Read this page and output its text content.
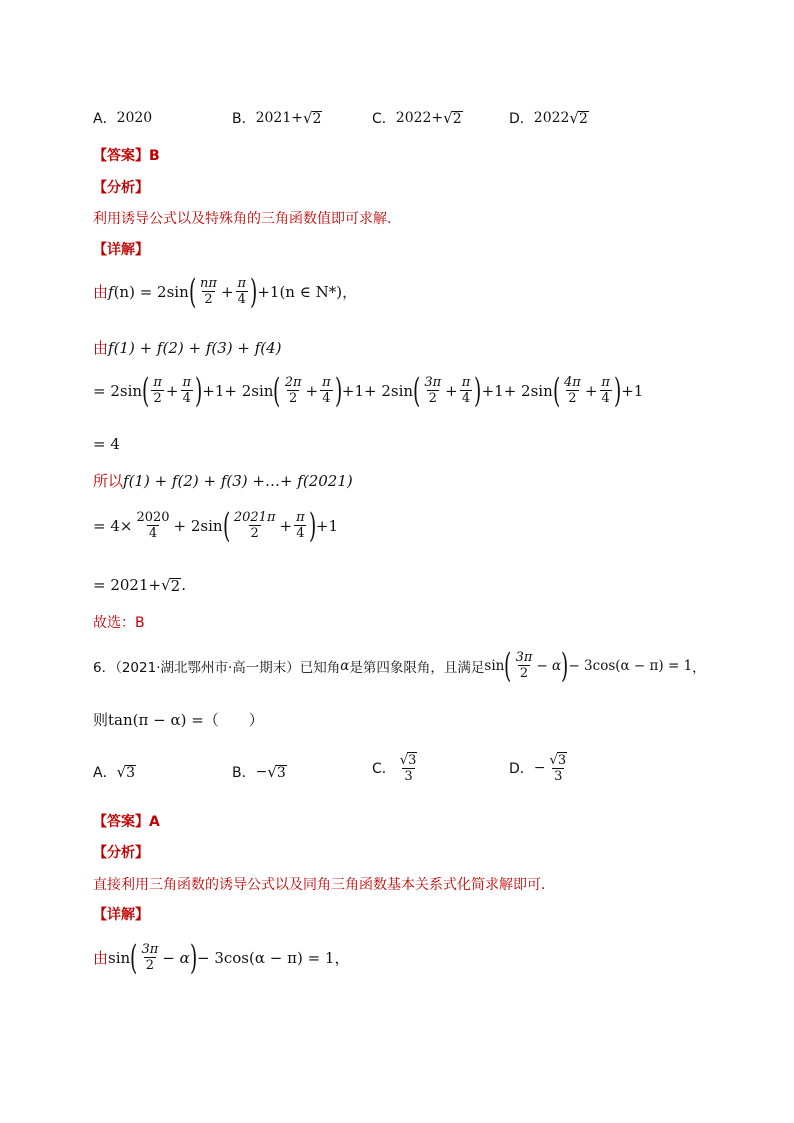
A． 2020	B． 2021+ √ 2	C． 2022+ √ 2	D． 2022 √ 2
【答案】B
【分析】
利用诱导公式以及特殊角的三角函数值即可求解.
【详解】
由 f (n) = 2sin ( $\frac{n\pi}{2} + \frac{\pi}{4}$ ) +1(n ∈ N*)，
由 f(1) + f(2) + f(3) + f(4)
= 2sin ( $\frac{\pi}{2} + \frac{\pi}{4}$ ) +1 + 2sin ( $\frac{2\pi}{2} + \frac{\pi}{4}$ ) +1 + 2sin ( $\frac{3\pi}{2} + \frac{\pi}{4}$ ) +1 + 2sin ( $\frac{4\pi}{2} + \frac{\pi}{4}$ ) +1
= 4
所以 f(1) + f(2) + f(3) +…+ f(2021)
= $4\times \frac{2020}{4} + 2\sin$ ( $\frac{2021\pi}{2} + \frac{\pi}{4}$ ) +1
= 2021+ √ 2 .
故选：B
6．（2021·湖北鄂州市·高一期末）已知角 α 是第四象限角，且满足 sin ( $\frac{3\pi}{2} - \alpha$ ) − 3cos(α − π) = 1 ，
则 tan(π − α) = （　　）
A． √ 3	B． − √ 3	C． $\frac{√ 3}{3}$	D． − $\frac{√ 3}{3}$
【答案】A
【分析】
直接利用三角函数的诱导公式以及同角三角函数基本关系式化简求解即可．
【详解】
由 sin ( $\frac{3\pi}{2} - \alpha$ ) − 3cos(α − π) = 1，
